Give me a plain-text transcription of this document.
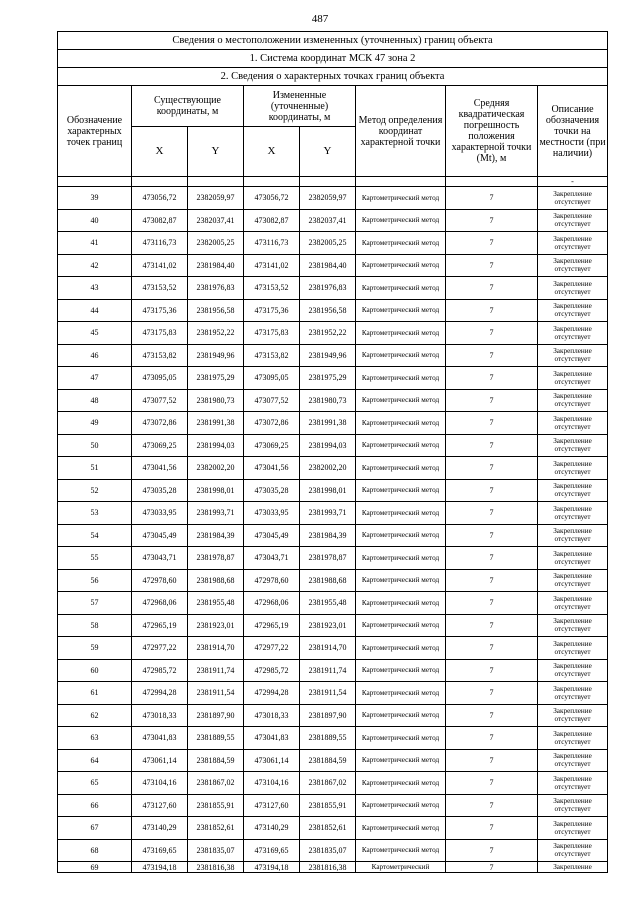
487
Сведения о местоположении измененных (уточненных) границ объекта							
1. Система координат МСК 47 зона 2							
2. Сведения о характерных точках границ объекта							
Обозначение характерных точек границ	Существующие координаты, м		Измененные (уточненные) координаты, м		Метод определения координат характерной точки	Средняя квадратическая погрешность положения характерной точки (Mt), м	Описание обозначения точки на местности (при наличии)
	X	Y	X	Y			
							-
39	473056,72	2382059,97	473056,72	2382059,97	Картометрический метод	7	Закрепление отсутствует
40	473082,87	2382037,41	473082,87	2382037,41	Картометрический метод	7	Закрепление отсутствует
41	473116,73	2382005,25	473116,73	2382005,25	Картометрический метод	7	Закрепление отсутствует
42	473141,02	2381984,40	473141,02	2381984,40	Картометрический метод	7	Закрепление отсутствует
43	473153,52	2381976,83	473153,52	2381976,83	Картометрический метод	7	Закрепление отсутствует
44	473175,36	2381956,58	473175,36	2381956,58	Картометрический метод	7	Закрепление отсутствует
45	473175,83	2381952,22	473175,83	2381952,22	Картометрический метод	7	Закрепление отсутствует
46	473153,82	2381949,96	473153,82	2381949,96	Картометрический метод	7	Закрепление отсутствует
47	473095,05	2381975,29	473095,05	2381975,29	Картометрический метод	7	Закрепление отсутствует
48	473077,52	2381980,73	473077,52	2381980,73	Картометрический метод	7	Закрепление отсутствует
49	473072,86	2381991,38	473072,86	2381991,38	Картометрический метод	7	Закрепление отсутствует
50	473069,25	2381994,03	473069,25	2381994,03	Картометрический метод	7	Закрепление отсутствует
51	473041,56	2382002,20	473041,56	2382002,20	Картометрический метод	7	Закрепление отсутствует
52	473035,28	2381998,01	473035,28	2381998,01	Картометрический метод	7	Закрепление отсутствует
53	473033,95	2381993,71	473033,95	2381993,71	Картометрический метод	7	Закрепление отсутствует
54	473045,49	2381984,39	473045,49	2381984,39	Картометрический метод	7	Закрепление отсутствует
55	473043,71	2381978,87	473043,71	2381978,87	Картометрический метод	7	Закрепление отсутствует
56	472978,60	2381988,68	472978,60	2381988,68	Картометрический метод	7	Закрепление отсутствует
57	472968,06	2381955,48	472968,06	2381955,48	Картометрический метод	7	Закрепление отсутствует
58	472965,19	2381923,01	472965,19	2381923,01	Картометрический метод	7	Закрепление отсутствует
59	472977,22	2381914,70	472977,22	2381914,70	Картометрический метод	7	Закрепление отсутствует
60	472985,72	2381911,74	472985,72	2381911,74	Картометрический метод	7	Закрепление отсутствует
61	472994,28	2381911,54	472994,28	2381911,54	Картометрический метод	7	Закрепление отсутствует
62	473018,33	2381897,90	473018,33	2381897,90	Картометрический метод	7	Закрепление отсутствует
63	473041,83	2381889,55	473041,83	2381889,55	Картометрический метод	7	Закрепление отсутствует
64	473061,14	2381884,59	473061,14	2381884,59	Картометрический метод	7	Закрепление отсутствует
65	473104,16	2381867,02	473104,16	2381867,02	Картометрический метод	7	Закрепление отсутствует
66	473127,60	2381855,91	473127,60	2381855,91	Картометрический метод	7	Закрепление отсутствует
67	473140,29	2381852,61	473140,29	2381852,61	Картометрический метод	7	Закрепление отсутствует
68	473169,65	2381835,07	473169,65	2381835,07	Картометрический метод	7	Закрепление отсутствует
69	473194,18	2381816,38	473194,18	2381816,38	Картометрический	7	Закрепление
